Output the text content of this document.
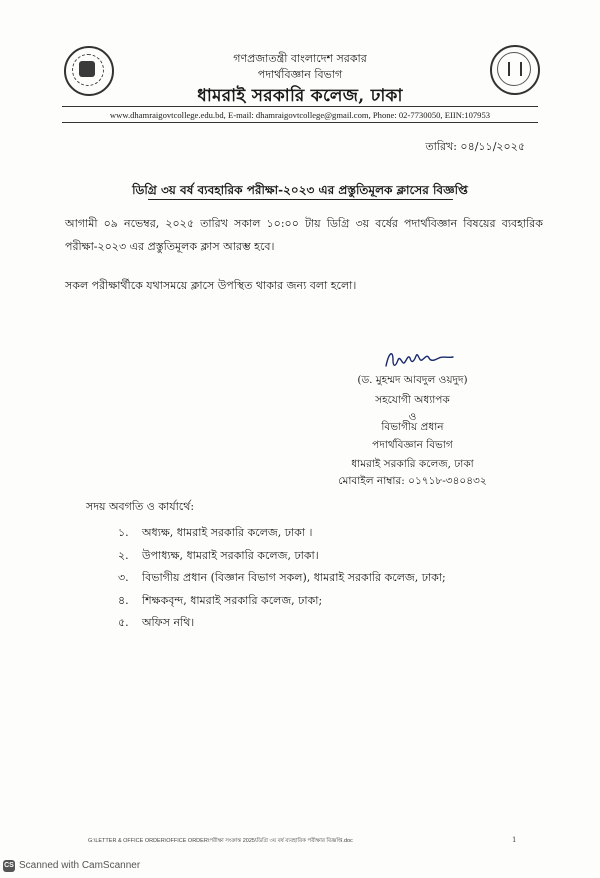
গণপ্রজাতন্ত্রী বাংলাদেশ সরকার
পদার্থবিজ্ঞান বিভাগ
ধামরাই সরকারি কলেজ, ঢাকা
www.dhamraigovtcollege.edu.bd, E-mail: dhamraigovtcollege@gmail.com, Phone: 02-7730050, EIIN:107953
তারিখ: ০৪/১১/২০২৫
ডিগ্রি ৩য় বর্ষ ব্যবহারিক পরীক্ষা-২০২৩ এর প্রস্তুতিমূলক ক্লাসের বিজ্ঞপ্তি
আগামী ০৯ নভেম্বর, ২০২৫ তারিখ সকাল ১০:০০ টায় ডিগ্রি ৩য় বর্ষের পদার্থবিজ্ঞান বিষয়ের ব্যবহারিক পরীক্ষা-২০২৩ এর প্রস্তুতিমূলক ক্লাস আরম্ভ হবে।
সকল পরীক্ষার্থীকে যথাসময়ে ক্লাসে উপস্থিত থাকার জন্য বলা হলো।
(ড. মুহম্মদ আবদুল ওয়দুদ)
সহযোগী অধ্যাপক
ও
বিভাগীয় প্রধান
পদার্থবিজ্ঞান বিভাগ
ধামরাই সরকারি কলেজ, ঢাকা
মোবাইল নাম্বার: ০১৭১৮-৩৪০৪৩২
সদয় অবগতি ও কার্যার্থে:
১. অধ্যক্ষ, ধামরাই সরকারি কলেজ, ঢাকা ।
২. উপাধ্যক্ষ, ধামরাই সরকারি কলেজ, ঢাকা।
৩. বিভাগীয় প্রধান (বিজ্ঞান বিভাগ সকল), ধামরাই সরকারি কলেজ, ঢাকা;
৪. শিক্ষকবৃন্দ, ধামরাই সরকারি কলেজ, ঢাকা;
৫. অফিস নথি।
G:\LETTER & OFFICE ORDER\OFFICE ORDER\পরীক্ষা সংক্রান্ত 2025\ডিগ্রি ৩য় বর্ষ ব্যবহারিক পরীক্ষার বিজ্ঞপ্তি.doc	1
CS Scanned with CamScanner
